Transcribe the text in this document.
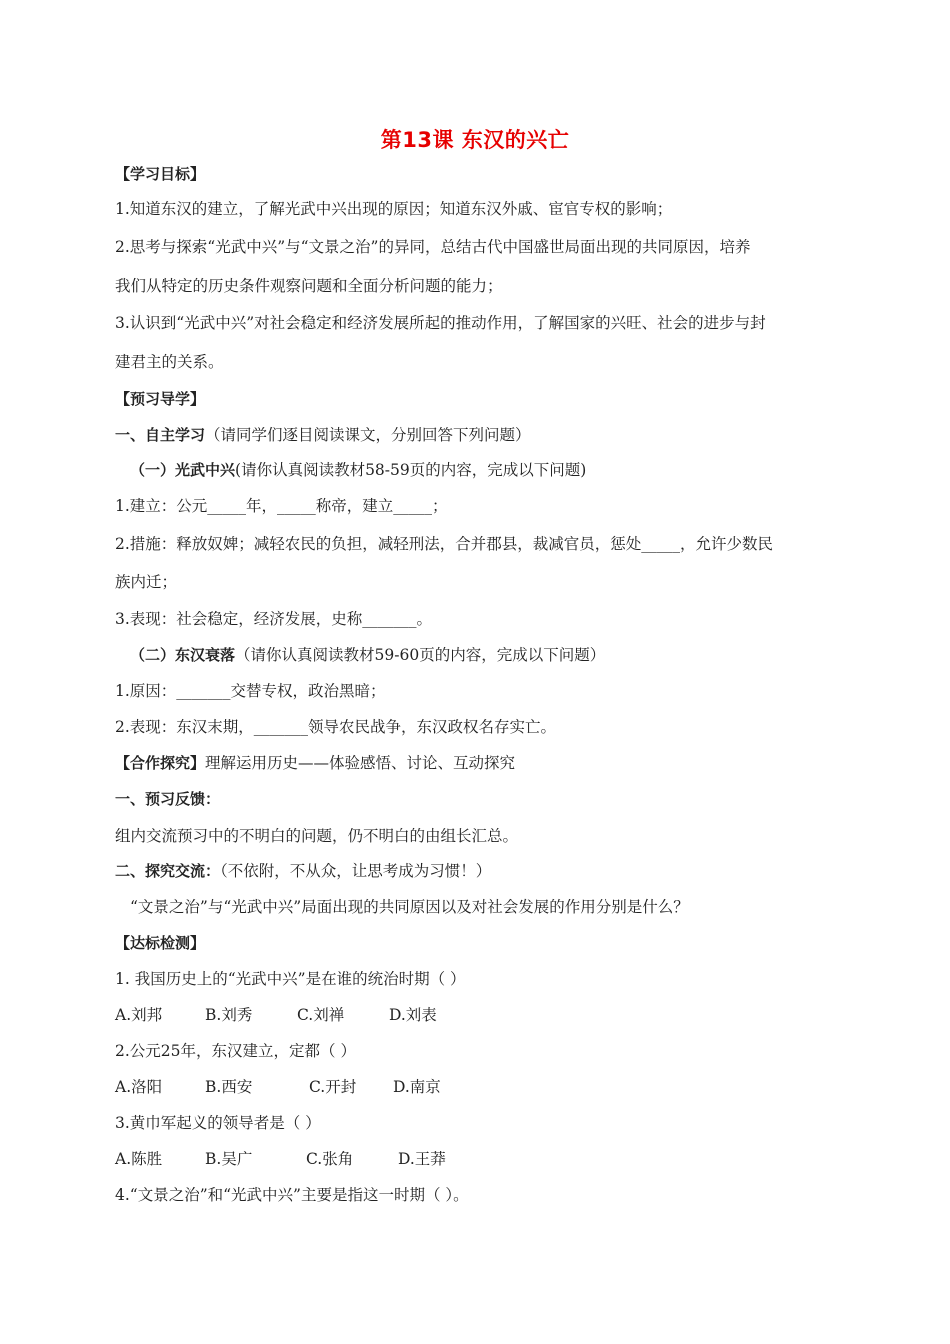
第13课 东汉的兴亡
【学习目标】
1.知道东汉的建立，了解光武中兴出现的原因；知道东汉外戚、宦官专权的影响；
2.思考与探索“光武中兴”与“文景之治”的异同，总结古代中国盛世局面出现的共同原因，培养
我们从特定的历史条件观察问题和全面分析问题的能力；
3.认识到“光武中兴”对社会稳定和经济发展所起的推动作用，了解国家的兴旺、社会的进步与封
建君主的关系。
【预习导学】
一、自主学习（请同学们逐目阅读课文，分别回答下列问题）
（一）光武中兴(请你认真阅读教材58-59页的内容，完成以下问题)
1.建立：公元_____年，_____称帝，建立_____；
2.措施：释放奴婢；减轻农民的负担，减轻刑法，合并郡县，裁减官员，惩处_____，允许少数民
族内迁；
3.表现：社会稳定，经济发展，史称_______。
（二）东汉衰落（请你认真阅读教材59-60页的内容，完成以下问题）
1.原因：_______交替专权，政治黑暗；
2.表现：东汉末期，_______领导农民战争，东汉政权名存实亡。
【合作探究】理解运用历史——体验感悟、讨论、互动探究
一、预习反馈：
组内交流预习中的不明白的问题，仍不明白的由组长汇总。
二、探究交流：（不依附，不从众，让思考成为习惯！）
“文景之治”与“光武中兴”局面出现的共同原因以及对社会发展的作用分别是什么？
【达标检测】
1. 我国历史上的“光武中兴”是在谁的统治时期（ ）
A.刘邦	B.刘秀	C.刘禅	D.刘表
2.公元25年，东汉建立，定都（ ）
A.洛阳	B.西安	C.开封 D.南京
3.黄巾军起义的领导者是（ ）
A.陈胜	B.吴广	C.张角	D.王莽
4.“文景之治”和“光武中兴”主要是指这一时期（ ）。
